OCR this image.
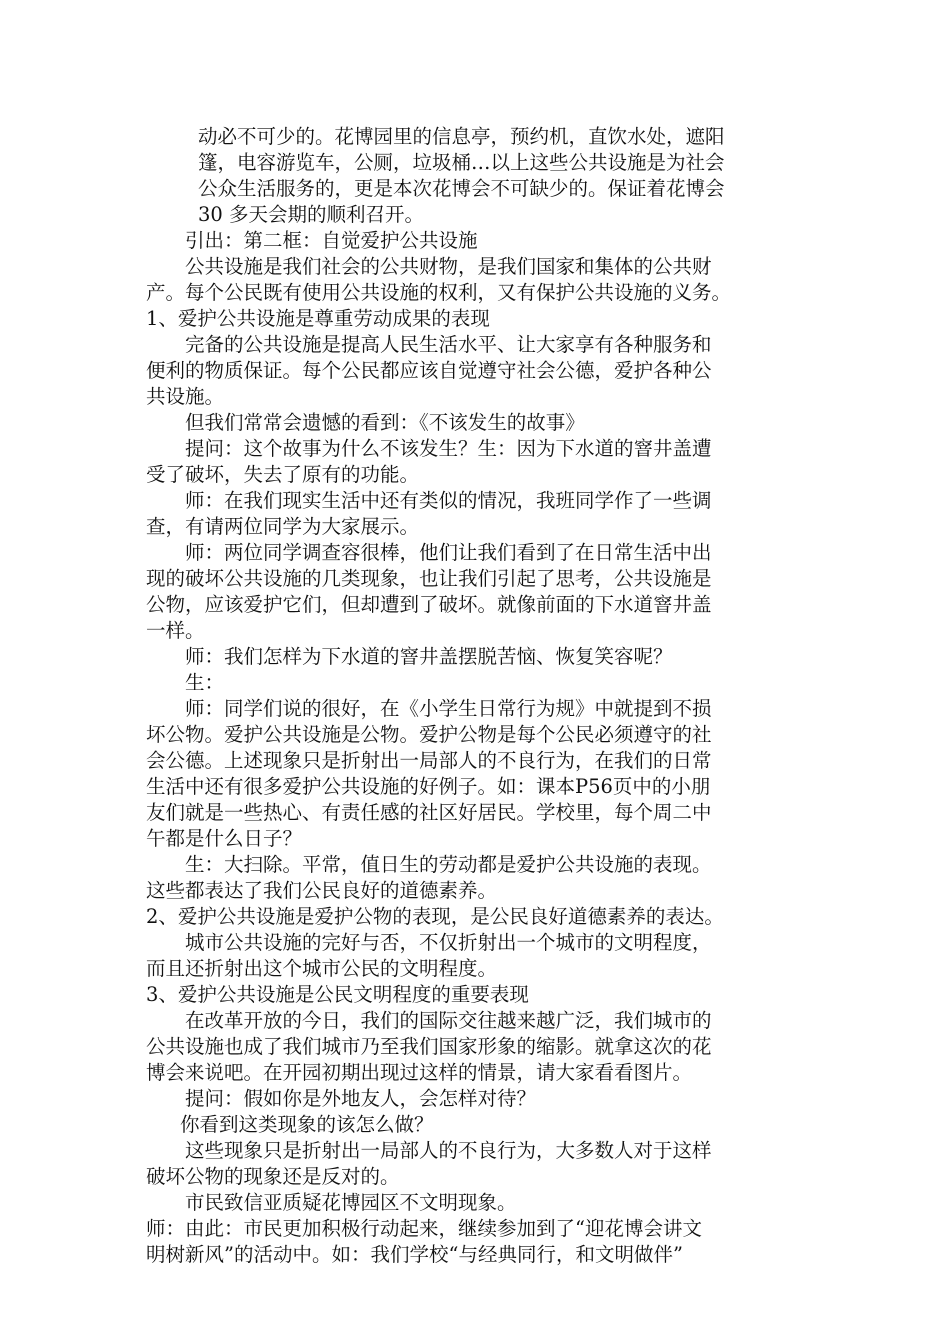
动必不可少的。花博园里的信息亭，预约机，直饮水处，遮阳
篷，电容游览车，公厕，垃圾桶…以上这些公共设施是为社会
公众生活服务的，更是本次花博会不可缺少的。保证着花博会
30 多天会期的顺利召开。
引出：第二框：自觉爱护公共设施
公共设施是我们社会的公共财物，是我们国家和集体的公共财
产。每个公民既有使用公共设施的权利，又有保护公共设施的义务。
1、爱护公共设施是尊重劳动成果的表现
完备的公共设施是提高人民生活水平、让大家享有各种服务和
便利的物质保证。每个公民都应该自觉遵守社会公德，爱护各种公
共设施。
但我们常常会遗憾的看到：《不该发生的故事》
提问：这个故事为什么不该发生？生：因为下水道的窨井盖遭
受了破坏，失去了原有的功能。
师：在我们现实生活中还有类似的情况，我班同学作了一些调
查，有请两位同学为大家展示。
师：两位同学调查容很棒，他们让我们看到了在日常生活中出
现的破坏公共设施的几类现象，也让我们引起了思考，公共设施是
公物，应该爱护它们，但却遭到了破坏。就像前面的下水道窨井盖
一样。
师：我们怎样为下水道的窨井盖摆脱苦恼、恢复笑容呢？
生：
师：同学们说的很好，在《小学生日常行为规》中就提到不损
坏公物。爱护公共设施是公物。爱护公物是每个公民必须遵守的社
会公德。上述现象只是折射出一局部人的不良行为，在我们的日常
生活中还有很多爱护公共设施的好例子。如：课本P56页中的小朋
友们就是一些热心、有责任感的社区好居民。学校里，每个周二中
午都是什么日子？
生：大扫除。平常，值日生的劳动都是爱护公共设施的表现。
这些都表达了我们公民良好的道德素养。
2、爱护公共设施是爱护公物的表现，是公民良好道德素养的表达。
城市公共设施的完好与否，不仅折射出一个城市的文明程度，
而且还折射出这个城市公民的文明程度。
3、爱护公共设施是公民文明程度的重要表现
在改革开放的今日，我们的国际交往越来越广泛，我们城市的
公共设施也成了我们城市乃至我们国家形象的缩影。就拿这次的花
博会来说吧。在开园初期出现过这样的情景，请大家看看图片。
提问：假如你是外地友人，会怎样对待？
你看到这类现象的该怎么做？
这些现象只是折射出一局部人的不良行为，大多数人对于这样
破坏公物的现象还是反对的。
市民致信亚质疑花博园区不文明现象。
师：由此：市民更加积极行动起来，继续参加到了“迎花博会讲文
明树新风”的活动中。如：我们学校“与经典同行，和文明做伴”
